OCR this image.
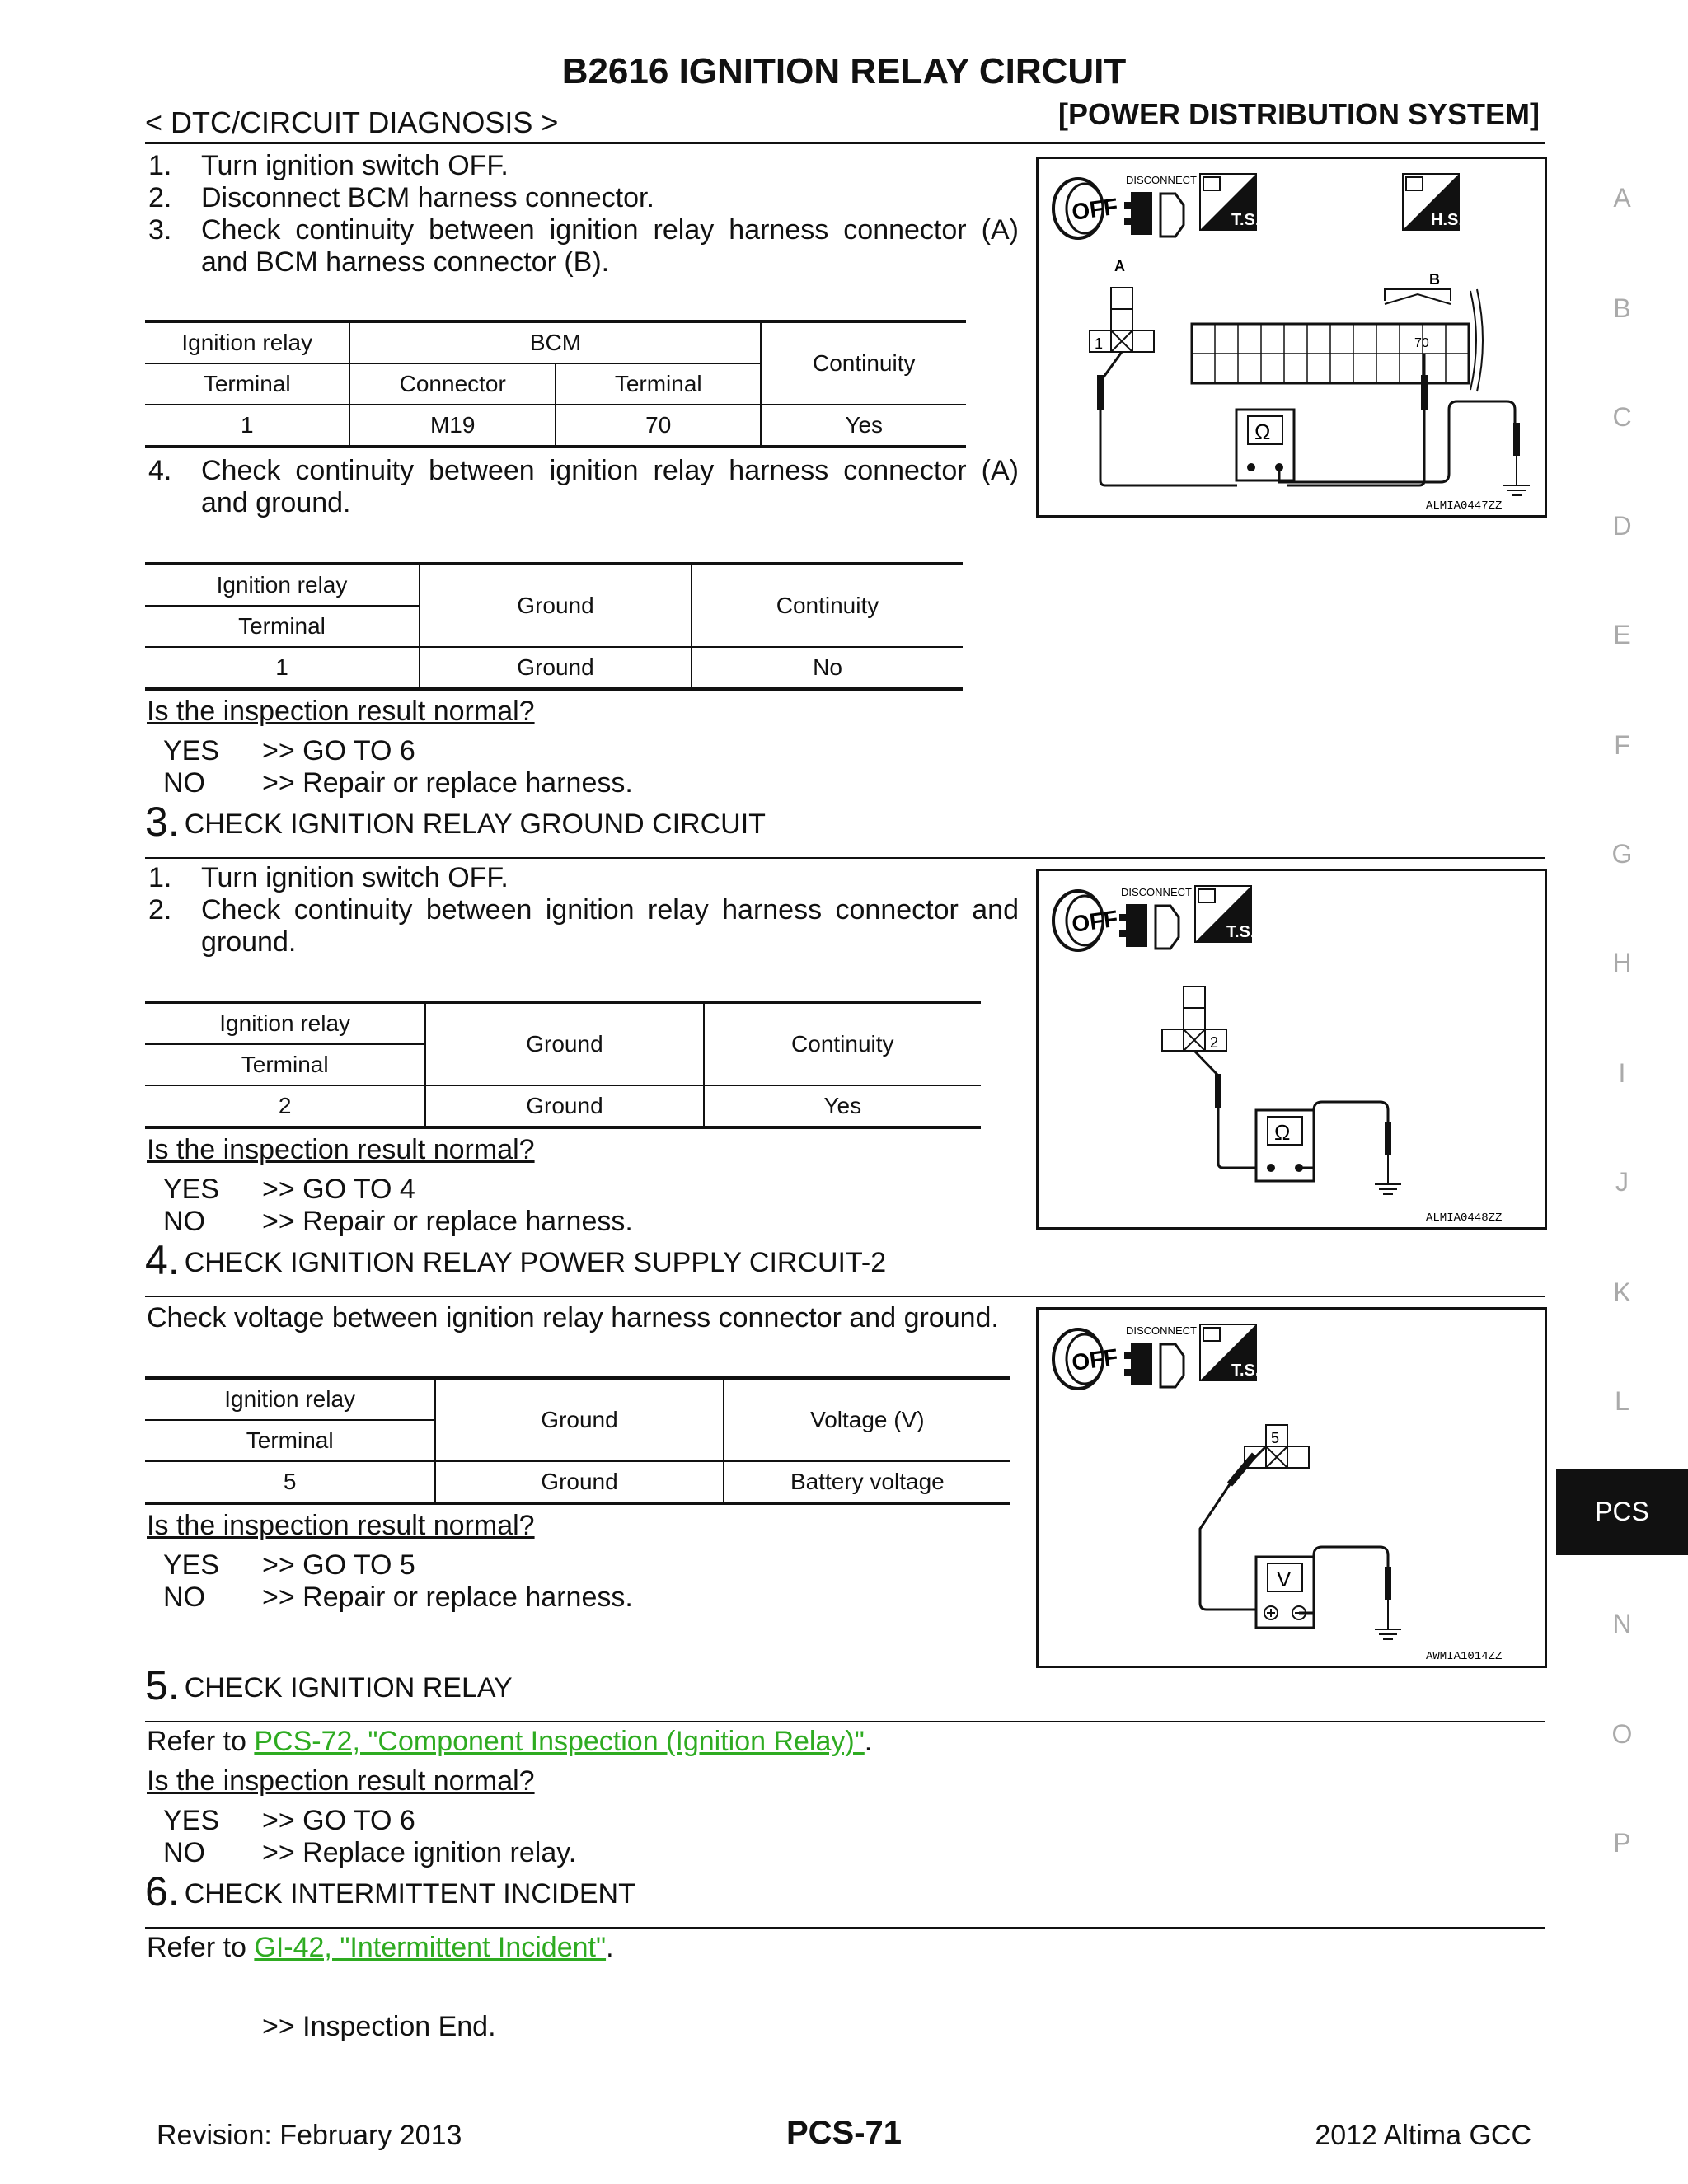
B2616 IGNITION RELAY CIRCUIT
< DTC/CIRCUIT DIAGNOSIS >	[POWER DISTRIBUTION SYSTEM]
1. Turn ignition switch OFF.
2. Disconnect BCM harness connector.
3. Check continuity between ignition relay harness connector (A) and BCM harness connector (B).
Ignition relay	BCM		Continuity
Terminal	Connector	Terminal	
1	M19	70	Yes
4. Check continuity between ignition relay harness connector (A) and ground.
Ignition relay	Ground	Continuity
Terminal		
1	Ground	No
Is the inspection result normal?
YES	>> GO TO 6
NO	>> Repair or replace harness.
OFF
DISCONNECT
T.S.	H.S.
A
1
B
70
Ω
ALMIA0447ZZ
3. CHECK IGNITION RELAY GROUND CIRCUIT
1. Turn ignition switch OFF.
2. Check continuity between ignition relay harness connector and ground.
Ignition relay	Ground	Continuity
Terminal		
2	Ground	Yes
Is the inspection result normal?
YES	>> GO TO 4
NO	>> Repair or replace harness.
OFF
DISCONNECT
T.S.
2
Ω
ALMIA0448ZZ
4. CHECK IGNITION RELAY POWER SUPPLY CIRCUIT-2
Check voltage between ignition relay harness connector and ground.
Ignition relay	Ground	Voltage (V)
Terminal		
5	Ground	Battery voltage
Is the inspection result normal?
YES	>> GO TO 5
NO	>> Repair or replace harness.
OFF
DISCONNECT
T.S.
5
V
AWMIA1014ZZ
5. CHECK IGNITION RELAY
Refer to PCS-72, "Component Inspection (Ignition Relay)".
Is the inspection result normal?
YES	>> GO TO 6
NO	>> Replace ignition relay.
6. CHECK INTERMITTENT INCIDENT
Refer to GI-42, "Intermittent Incident".
>> Inspection End.
A
B
C
D
E
F
G
H
I
J
K
L
PCS
N
O
P
Revision: February 2013	PCS-71	2012 Altima GCC
